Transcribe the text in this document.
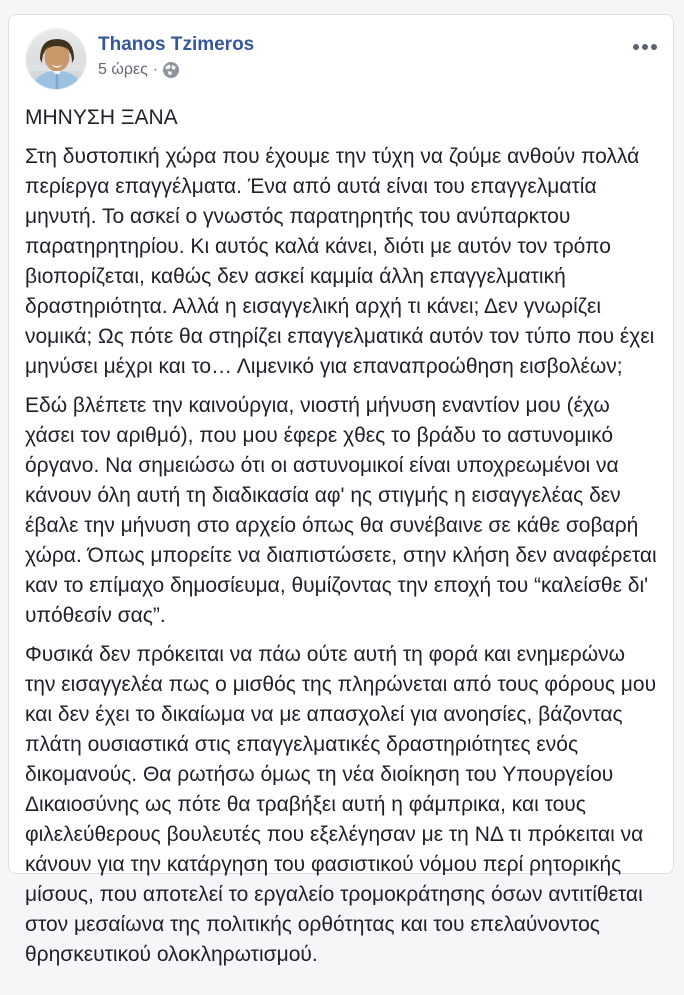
Thanos Tzimeros
5 ώρες ·

ΜΗΝΥΣΗ ΞΑΝΑ

Στη δυστοπική χώρα που έχουμε την τύχη να ζούμε ανθούν πολλά περίεργα επαγγέλματα. Ένα από αυτά είναι του επαγγελματία μηνυτή. Το ασκεί ο γνωστός παρατηρητής του ανύπαρκτου παρατηρητηρίου. Κι αυτός καλά κάνει, διότι με αυτόν τον τρόπο βιοπορίζεται, καθώς δεν ασκεί καμμία άλλη επαγγελματική δραστηριότητα. Αλλά η εισαγγελική αρχή τι κάνει; Δεν γνωρίζει νομικά; Ως πότε θα στηρίζει επαγγελματικά αυτόν τον τύπο που έχει μηνύσει μέχρι και το… Λιμενικό για επαναπροώθηση εισβολέων;

Εδώ βλέπετε την καινούργια, νιοστή μήνυση εναντίον μου (έχω χάσει τον αριθμό), που μου έφερε χθες το βράδυ το αστυνομικό όργανο. Να σημειώσω ότι οι αστυνομικοί είναι υποχρεωμένοι να κάνουν όλη αυτή τη διαδικασία αφ' ης στιγμής η εισαγγελέας δεν έβαλε την μήνυση στο αρχείο όπως θα συνέβαινε σε κάθε σοβαρή χώρα. Όπως μπορείτε να διαπιστώσετε, στην κλήση δεν αναφέρεται καν το επίμαχο δημοσίευμα, θυμίζοντας την εποχή του “καλείσθε δι' υπόθεσίν σας”.

Φυσικά δεν πρόκειται να πάω ούτε αυτή τη φορά και ενημερώνω την εισαγγελέα πως ο μισθός της πληρώνεται από τους φόρους μου και δεν έχει το δικαίωμα να με απασχολεί για ανοησίες, βάζοντας πλάτη ουσιαστικά στις επαγγελματικές δραστηριότητες ενός δικομανούς. Θα ρωτήσω όμως τη νέα διοίκηση του Υπουργείου Δικαιοσύνης ως πότε θα τραβήξει αυτή η φάμπρικα, και τους φιλελεύθερους βουλευτές που εξελέγησαν με τη ΝΔ τι πρόκειται να κάνουν για την κατάργηση του φασιστικού νόμου περί ρητορικής μίσους, που αποτελεί το εργαλείο τρομοκράτησης όσων αντιτίθεται στον μεσαίωνα της πολιτικής ορθότητας και του επελαύνοντος θρησκευτικού ολοκληρωτισμού.
